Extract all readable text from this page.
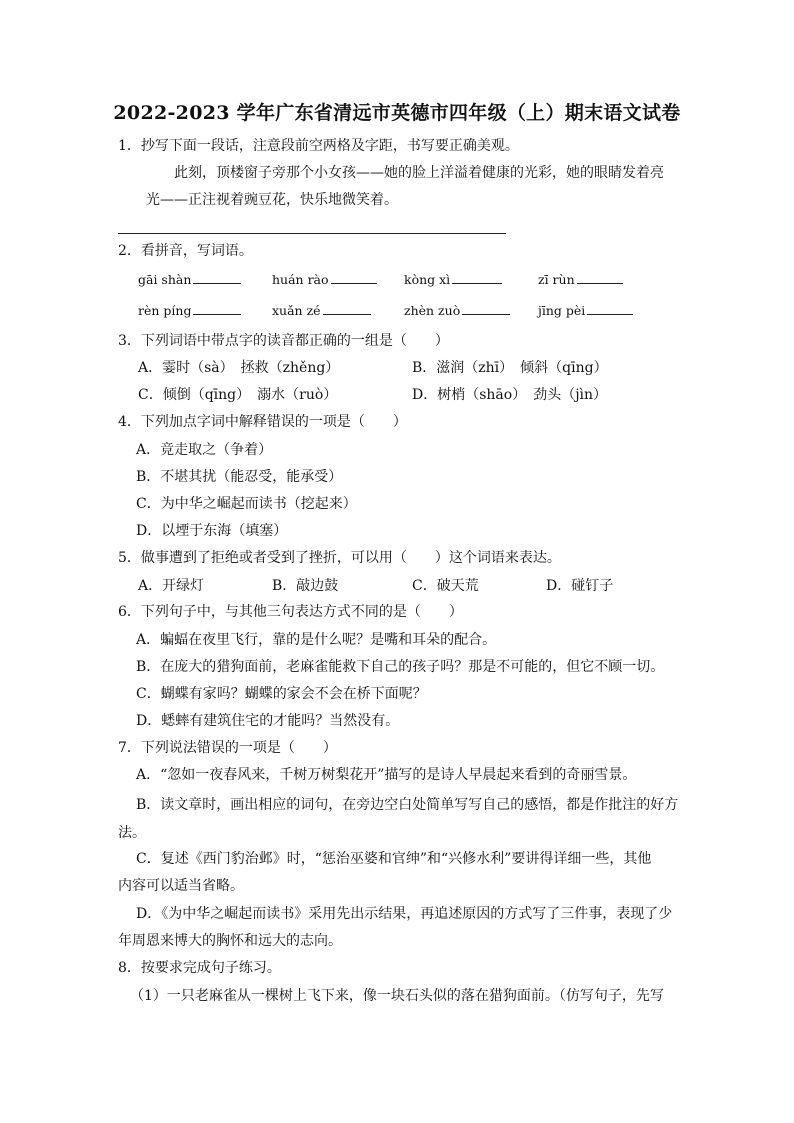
2022-2023 学年广东省清远市英德市四年级（上）期末语文试卷
1．抄写下面一段话，注意段前空两格及字距，书写要正确美观。
此刻，顶楼窗子旁那个小女孩——她的脸上洋溢着健康的光彩，她的眼睛发着亮
光——正注视着豌豆花，快乐地微笑着。
2．看拼音，写词语。
gāi shàn	huán rào	kòng xì	zī rùn
rèn píng	xuǎn zé	zhèn zuò	jīng pèi
3．下列词语中带点字的读音都正确的一组是（　　）
A．霎时（sà）　拯救（zhěng）	B．滋润（zhī）　倾斜（qīng）
C．倾倒（qīng）　溺水（ruò）	D．树梢（shāo）　劲头（jìn）
4．下列加点字词中解释错误的一项是（　　）
A．竞走取之（争着）
B．不堪其扰（能忍受，能承受）
C．为中华之崛起而读书（挖起来）
D．以堙于东海（填塞）
5．做事遭到了拒绝或者受到了挫折，可以用（　　）这个词语来表达。
A．开绿灯	B．敲边鼓	C．破天荒	D．碰钉子
6．下列句子中，与其他三句表达方式不同的是（　　）
A．蝙蝠在夜里飞行，靠的是什么呢？是嘴和耳朵的配合。
B．在庞大的猎狗面前，老麻雀能救下自己的孩子吗？那是不可能的，但它不顾一切。
C．蝴蝶有家吗？蝴蝶的家会不会在桥下面呢？
D．蟋蟀有建筑住宅的才能吗？当然没有。
7．下列说法错误的一项是（　　）
A．“忽如一夜春风来，千树万树梨花开”描写的是诗人早晨起来看到的奇丽雪景。
B．读文章时，画出相应的词句，在旁边空白处简单写写自己的感悟，都是作批注的好方
法。
C．复述《西门豹治邺》时，“惩治巫婆和官绅”和“兴修水利”要讲得详细一些，其他
内容可以适当省略。
D．《为中华之崛起而读书》采用先出示结果，再追述原因的方式写了三件事，表现了少
年周恩来博大的胸怀和远大的志向。
8．按要求完成句子练习。
（1）一只老麻雀从一棵树上飞下来，像一块石头似的落在猎狗面前。（仿写句子，先写
